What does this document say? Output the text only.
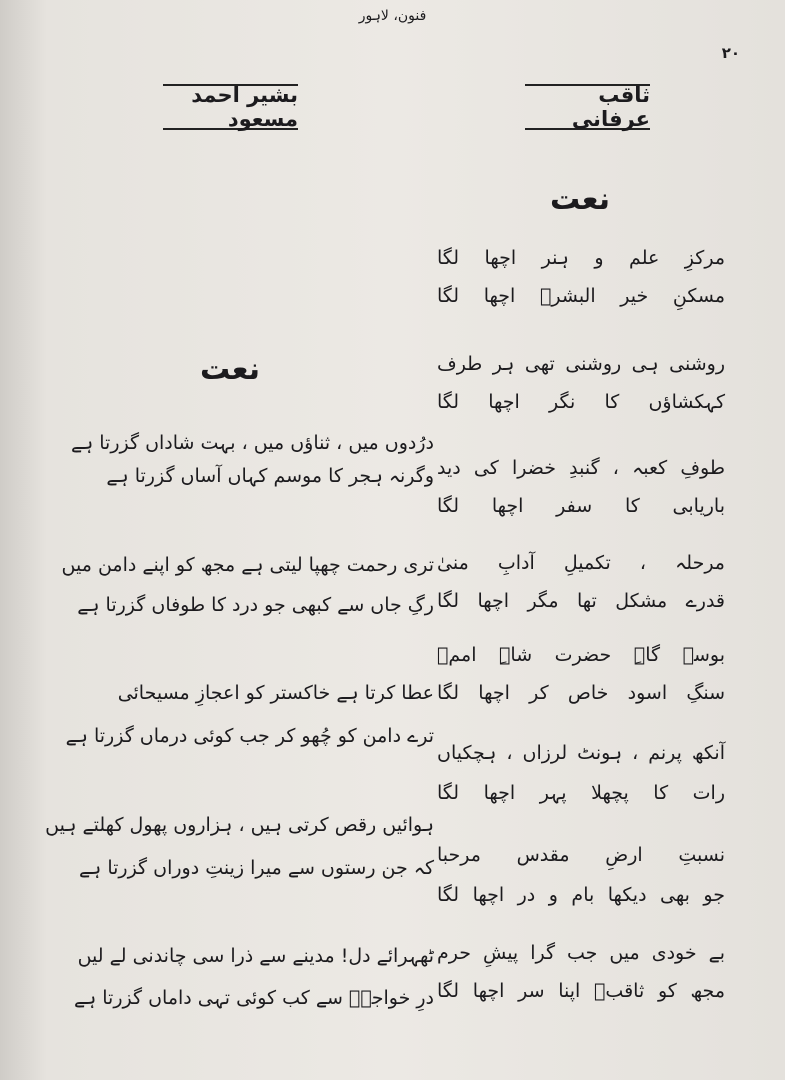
فنون، لاہور
۲۰
ثاقب عرفانی
نعت
مرکزِ علم و ہنر اچھا لگا
مسکنِ خیر البشرؐ اچھا لگا
روشنی ہی روشنی تھی ہر طرف
کہکشاؤں کا نگر اچھا لگا
طوفِ کعبہ ، گنبدِ خضرا کی دید
باریابی کا سفر اچھا لگا
مرحلہ ، تکمیلِ آدابِ منیٰ
قدرے مشکل تھا مگر اچھا لگا
بوسہ گاہِ حضرت شاہِ اممؐ
سنگِ اسود خاص کر اچھا لگا
آنکھ پرنم ، ہونٹ لرزاں ، ہچکیاں
رات کا پچھلا پہر اچھا لگا
نسبتِ ارضِ مقدس مرحبا
جو بھی دیکھا بام و در اچھا لگا
بے خودی میں جب گرا پیشِ حرم
مجھ کو ثاقبؔ اپنا سر اچھا لگا
بشیر احمد مسعود
نعت
درُدوں میں ، ثناؤں میں ، بہت شاداں گزرتا ہے
وگرنہ ہجر کا موسم کہاں آساں گزرتا ہے
تری رحمت چھپا لیتی ہے مجھ کو اپنے دامن میں
رگِ جاں سے کبھی جو درد کا طوفاں گزرتا ہے
عطا کرتا ہے خاکستر کو اعجازِ مسیحائی
ترے دامن کو چُھو کر جب کوئی درماں گزرتا ہے
ہوائیں رقص کرتی ہیں ، ہزاروں پھول کھلتے ہیں
کہ جن رستوں سے میرا زینتِ دوراں گزرتا ہے
ٹھہرائے دل! مدینے سے ذرا سی چاندنی لے لیں
درِ خواجہؐ سے کب کوئی تہی داماں گزرتا ہے
